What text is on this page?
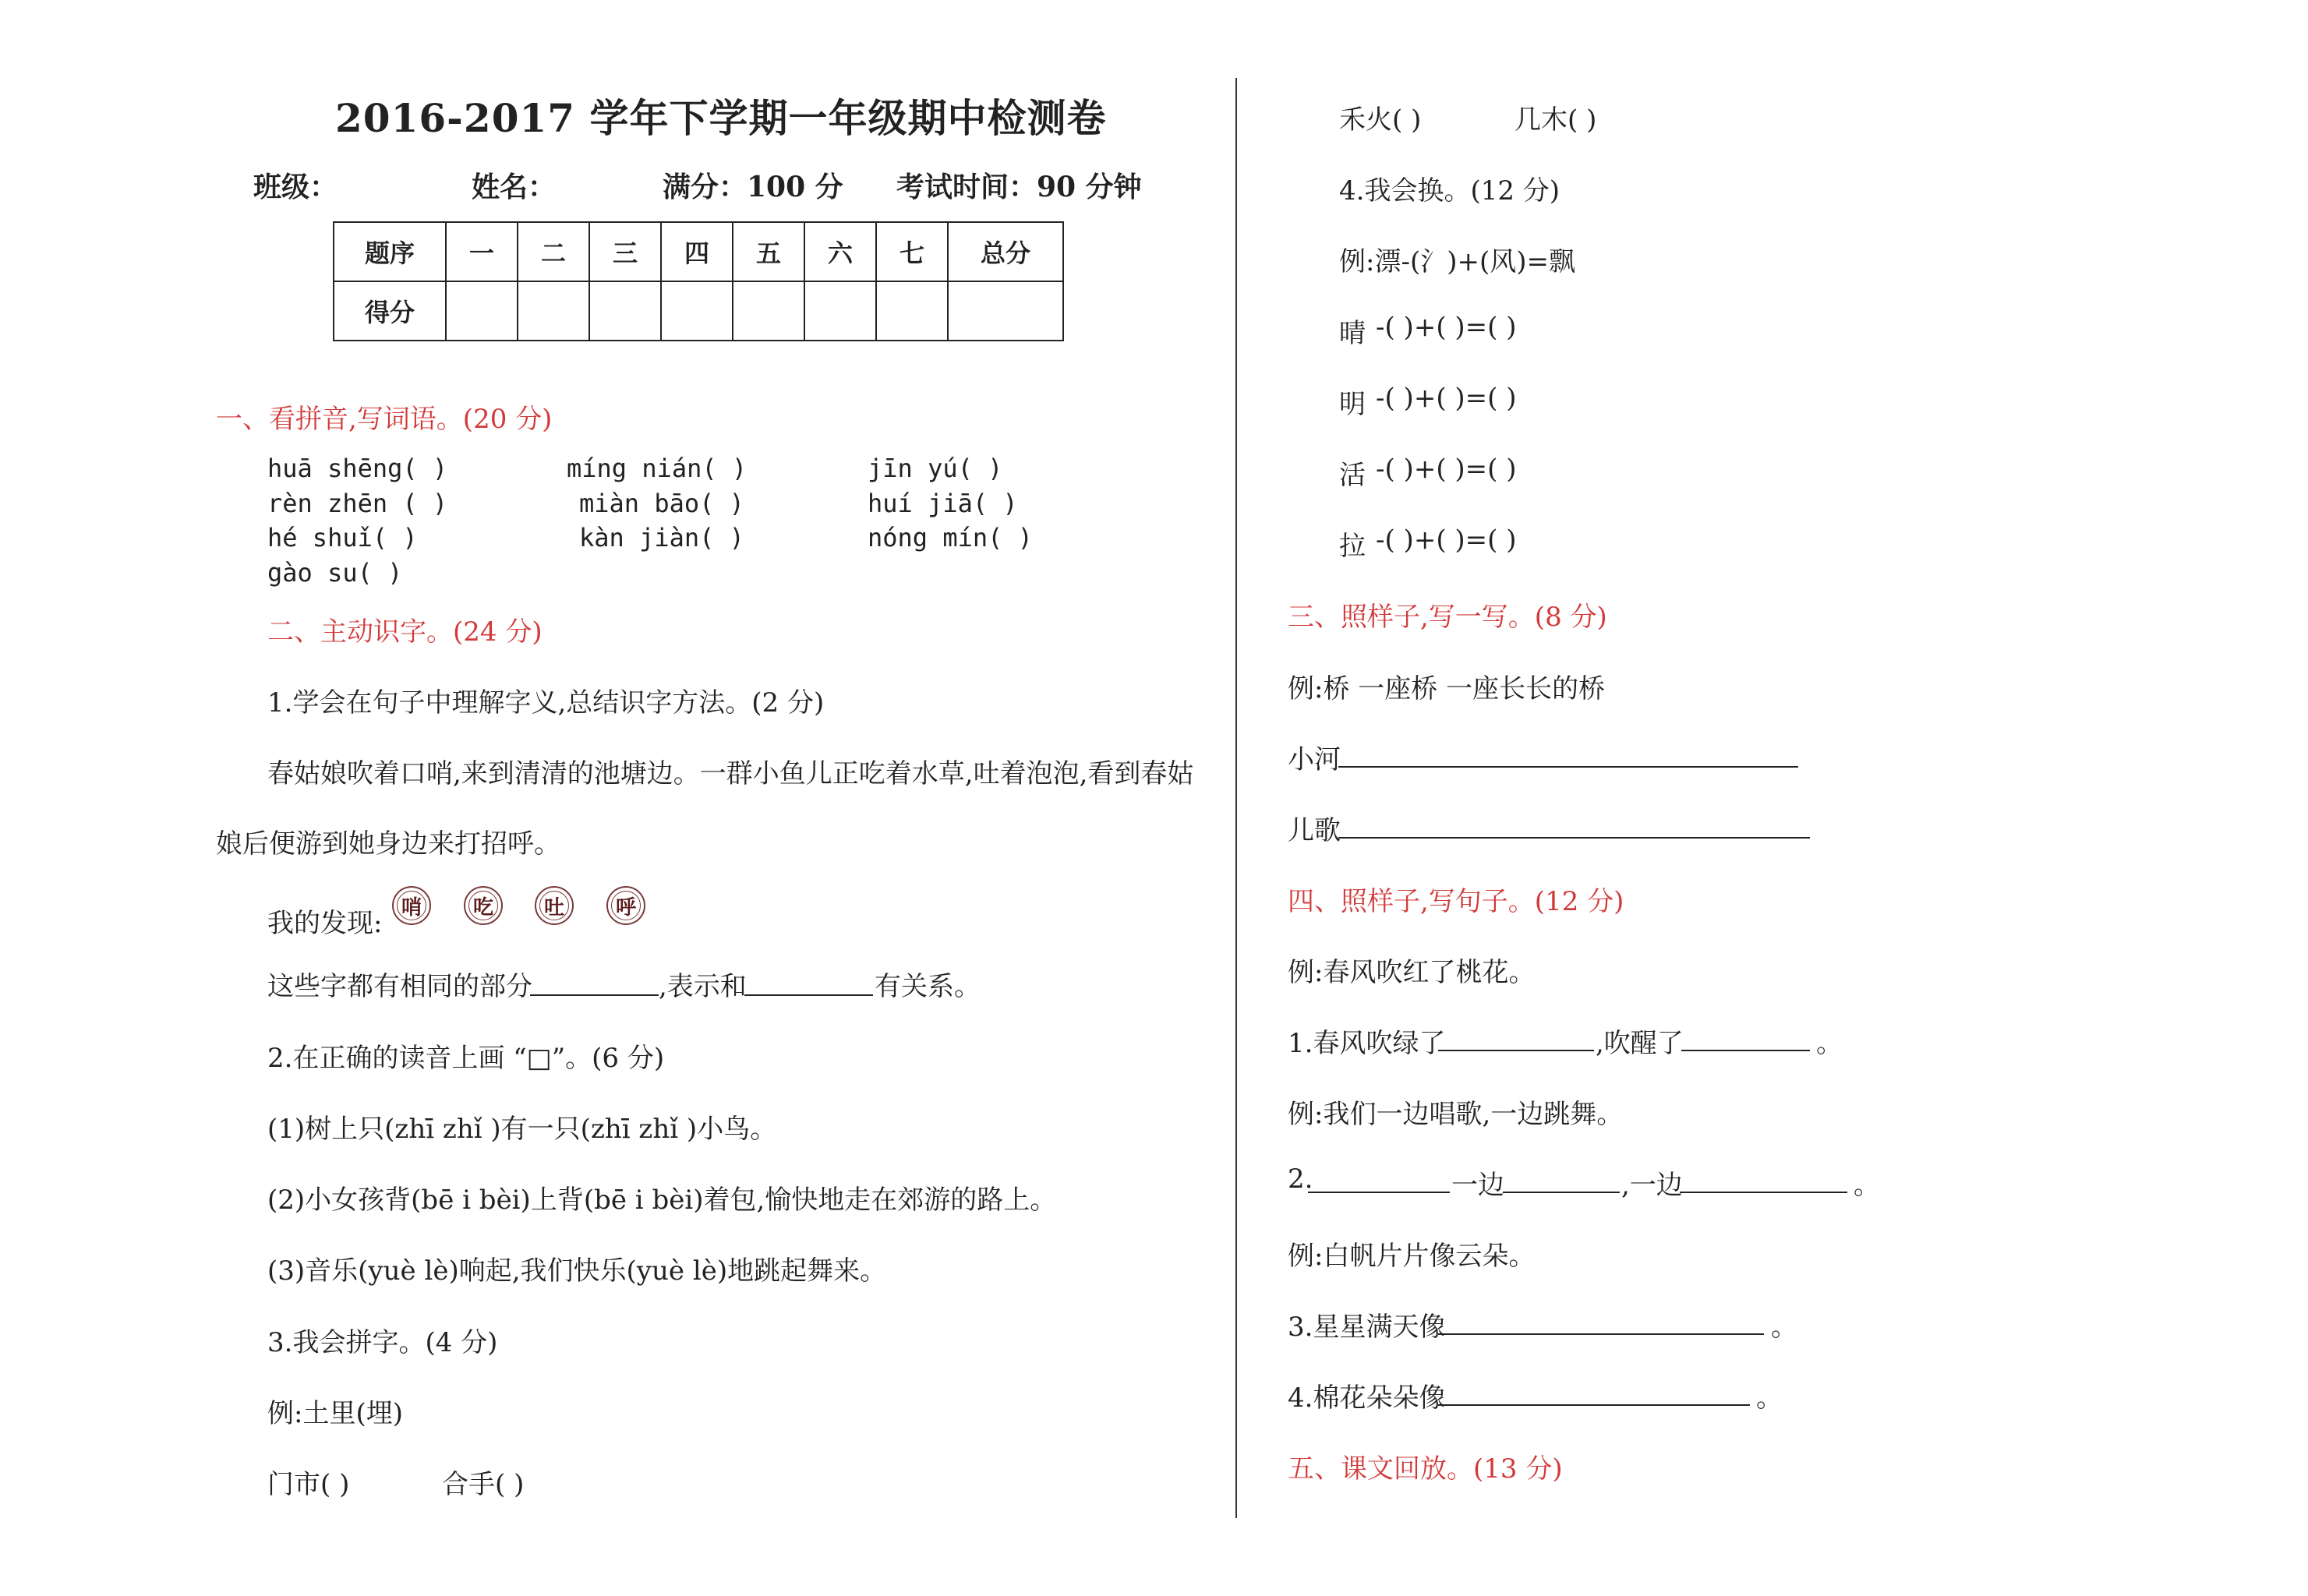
2016-2017 学年下学期一年级期中检测卷
班级：	姓名：	满分：100 分 考试时间：90 分钟
题序	一	二	三	四	五	六	七	总分
得分								
一、看拼音,写词语。(20 分)
huā shēng( )	míng nián( )	jīn yú( )
rèn zhēn ( )	miàn bāo( )	huí jiā( )
hé shuǐ( )	kàn jiàn( )	nóng mín( )
gào su( )
二、主动识字。(24 分)
1.学会在句子中理解字义,总结识字方法。(2 分)
春姑娘吹着口哨,来到清清的池塘边。一群小鱼儿正吃着水草,吐着泡泡,看到春姑
娘后便游到她身边来打招呼。
我的发现:
哨	吃	吐	呼
这些字都有相同的部分	,表示和	有关系。
2.在正确的读音上画 “□”。(6 分)
(1)树上只(zhī zhǐ )有一只(zhī zhǐ )小鸟。
(2)小女孩背(bē i bèi)上背(bē i bèi)着包,愉快地走在郊游的路上。
(3)音乐(yuè lè)响起,我们快乐(yuè lè)地跳起舞来。
3.我会拼字。(4 分)
例:土里(埋)
门市( )	合手( )
禾火( )	几木( )
4.我会换。(12 分)
例:漂-(氵)+(风)=飘
晴 -( )+( )=( )
明 -( )+( )=( )
活 -( )+( )=( )
拉 -( )+( )=( )
三、照样子,写一写。(8 分)
例:桥 一座桥 一座长长的桥
小河
儿歌
四、照样子,写句子。(12 分)
例:春风吹红了桃花。
1.春风吹绿了	,吹醒了	。
例:我们一边唱歌,一边跳舞。
2.	一边	,一边	。
例:白帆片片像云朵。
3.星星满天像	。
4.棉花朵朵像	。
五、课文回放。(13 分)
